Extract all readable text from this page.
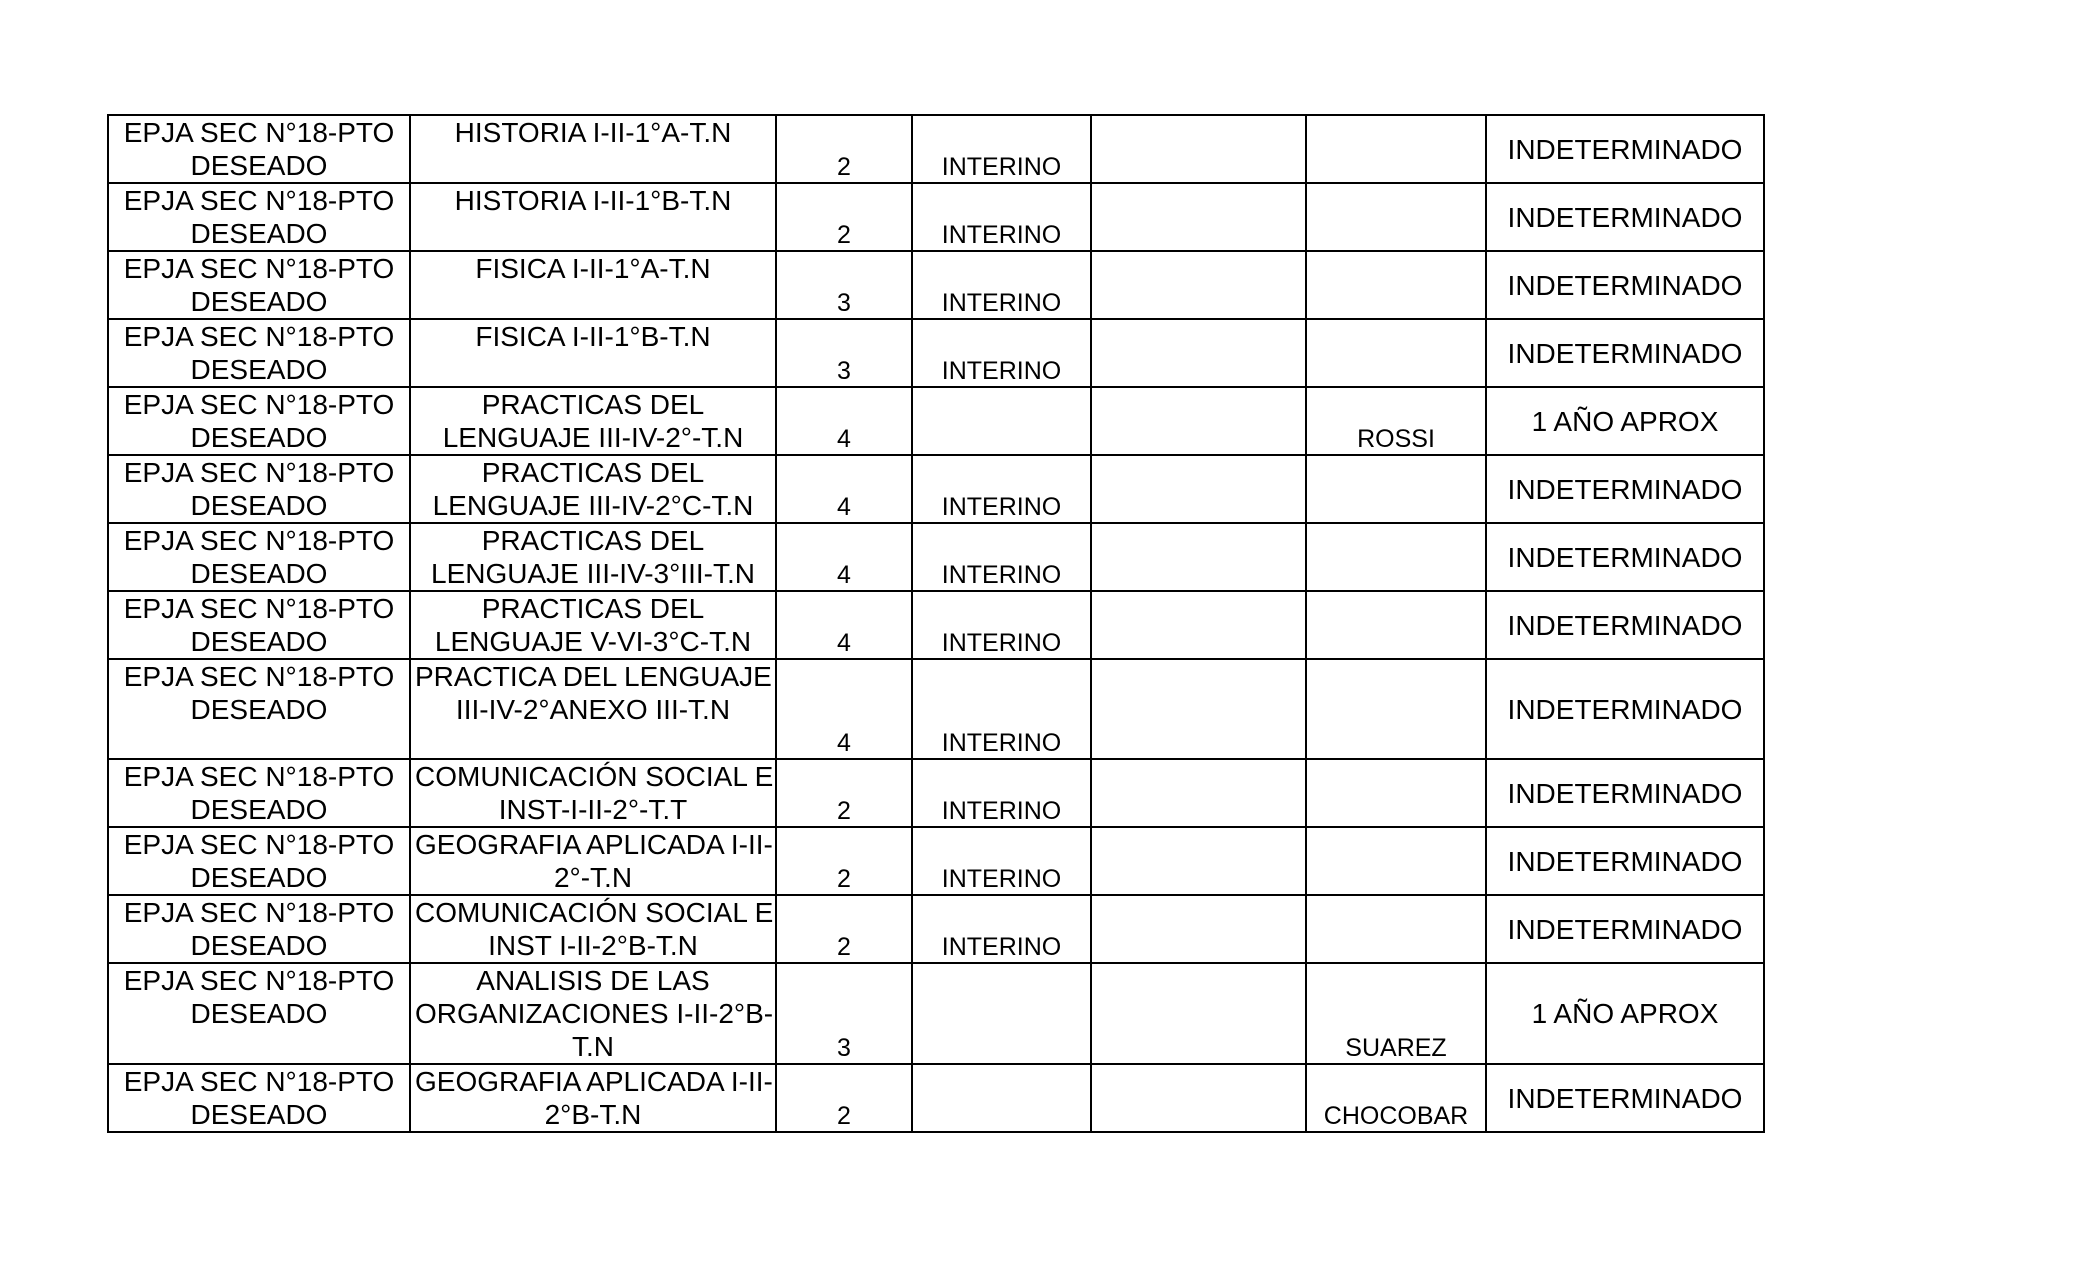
EPJA SEC N°18-PTO
DESEADO	HISTORIA I-II-1°A-T.N	2	INTERINO			INDETERMINADO

EPJA SEC N°18-PTO
DESEADO	HISTORIA I-II-1°B-T.N	2	INTERINO			INDETERMINADO

EPJA SEC N°18-PTO
DESEADO	FISICA I-II-1°A-T.N	3	INTERINO			INDETERMINADO

EPJA SEC N°18-PTO
DESEADO	FISICA I-II-1°B-T.N	3	INTERINO			INDETERMINADO

EPJA SEC N°18-PTO
DESEADO	PRACTICAS DEL
LENGUAJE III-IV-2°-T.N	4			ROSSI	1 AÑO APROX

EPJA SEC N°18-PTO
DESEADO	PRACTICAS DEL
LENGUAJE III-IV-2°C-T.N	4	INTERINO			INDETERMINADO

EPJA SEC N°18-PTO
DESEADO	PRACTICAS DEL
LENGUAJE III-IV-3°III-T.N	4	INTERINO			INDETERMINADO

EPJA SEC N°18-PTO
DESEADO	PRACTICAS DEL
LENGUAJE V-VI-3°C-T.N	4	INTERINO			INDETERMINADO

EPJA SEC N°18-PTO
DESEADO	PRACTICA DEL LENGUAJE
III-IV-2°ANEXO III-T.N	4	INTERINO			INDETERMINADO

EPJA SEC N°18-PTO
DESEADO	COMUNICACIÓN SOCIAL E
INST-I-II-2°-T.T	2	INTERINO			INDETERMINADO

EPJA SEC N°18-PTO
DESEADO	GEOGRAFIA APLICADA I-II-
2°-T.N	2	INTERINO			INDETERMINADO

EPJA SEC N°18-PTO
DESEADO	COMUNICACIÓN SOCIAL E
INST I-II-2°B-T.N	2	INTERINO			INDETERMINADO

EPJA SEC N°18-PTO
DESEADO	ANALISIS DE LAS
ORGANIZACIONES I-II-2°B-
T.N	3			SUAREZ	1 AÑO APROX

EPJA SEC N°18-PTO
DESEADO	GEOGRAFIA APLICADA I-II-
2°B-T.N	2			CHOCOBAR	INDETERMINADO
